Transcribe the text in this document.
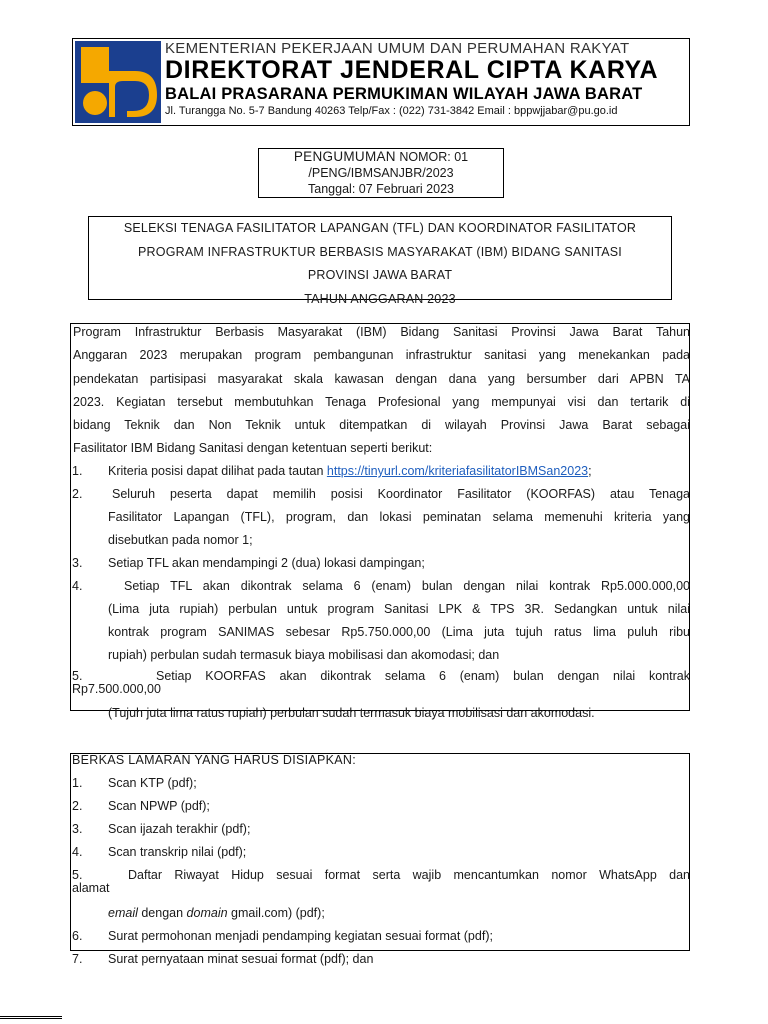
KEMENTERIAN PEKERJAAN UMUM DAN PERUMAHAN RAKYAT
DIREKTORAT JENDERAL CIPTA KARYA
BALAI PRASARANA PERMUKIMAN WILAYAH JAWA BARAT
Jl. Turangga No. 5-7 Bandung 40263 Telp/Fax : (022) 731-3842 Email : bppwjjabar@pu.go.id
PENGUMUMAN NOMOR: 01
/PENG/IBMSANJBR/2023
Tanggal: 07 Februari 2023
SELEKSI TENAGA FASILITATOR LAPANGAN (TFL) DAN KOORDINATOR FASILITATOR
PROGRAM INFRASTRUKTUR BERBASIS MASYARAKAT (IBM) BIDANG SANITASI
PROVINSI JAWA BARAT
TAHUN ANGGARAN 2023
Program Infrastruktur Berbasis Masyarakat (IBM) Bidang Sanitasi Provinsi Jawa Barat Tahun
Anggaran 2023 merupakan program pembangunan infrastruktur sanitasi yang menekankan pada
pendekatan partisipasi masyarakat skala kawasan dengan dana yang bersumber dari APBN TA
2023. Kegiatan tersebut membutuhkan Tenaga Profesional yang mempunyai visi dan tertarik di
bidang Teknik dan Non Teknik untuk ditempatkan di wilayah Provinsi Jawa Barat sebagai
Fasilitator IBM Bidang Sanitasi dengan ketentuan seperti berikut:
1. Kriteria posisi dapat dilihat pada tautan https://tinyurl.com/kriteriafasilitatorIBMSan2023;
2. Seluruh peserta dapat memilih posisi Koordinator Fasilitator (KOORFAS) atau Tenaga
Fasilitator Lapangan (TFL), program, dan lokasi peminatan selama memenuhi kriteria yang
disebutkan pada nomor 1;
3. Setiap TFL akan mendampingi 2 (dua) lokasi dampingan;
4.	Setiap TFL akan dikontrak selama 6 (enam) bulan dengan nilai kontrak Rp5.000.000,00
(Lima juta rupiah) perbulan untuk program Sanitasi LPK & TPS 3R. Sedangkan untuk nilai
kontrak program SANIMAS sebesar Rp5.750.000,00 (Lima juta tujuh ratus lima puluh ribu
rupiah) perbulan sudah termasuk biaya mobilisasi dan akomodasi; dan
5.	Setiap KOORFAS akan dikontrak selama 6 (enam) bulan dengan nilai kontrak
Rp7.500.000,00
(Tujuh juta lima ratus rupiah) perbulan sudah termasuk biaya mobilisasi dan akomodasi.
BERKAS LAMARAN YANG HARUS DISIAPKAN:
1. Scan KTP (pdf);
2. Scan NPWP (pdf);
3. Scan ijazah terakhir (pdf);
4. Scan transkrip nilai (pdf);
5.	Daftar Riwayat Hidup sesuai format serta wajib mencantumkan nomor WhatsApp dan
alamat
email dengan domain gmail.com) (pdf);
6. Surat permohonan menjadi pendamping kegiatan sesuai format (pdf);
7. Surat pernyataan minat sesuai format (pdf); dan
